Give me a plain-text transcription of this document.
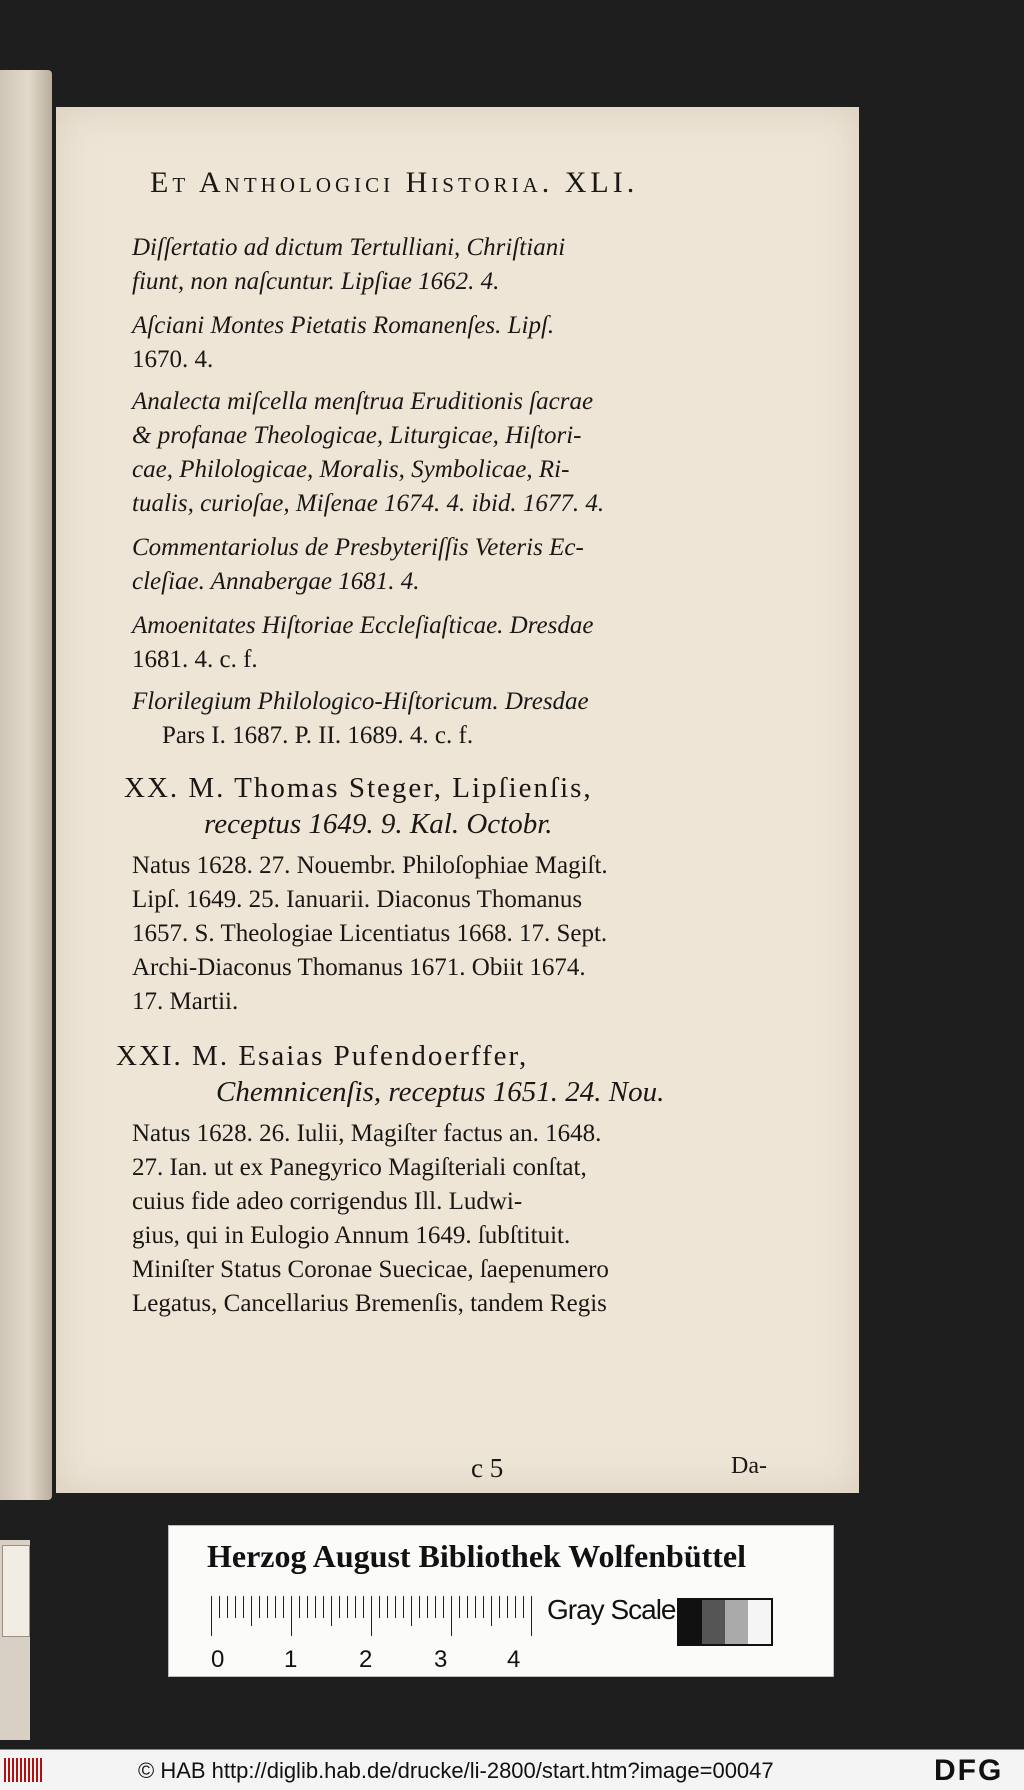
Et Anthologici Historia. XLI.
Diſſertatio ad dictum Tertulliani, Chriſtiani
fiunt, non naſcuntur. Lipſiae 1662. 4.
Aſciani Montes Pietatis Romanenſes. Lipſ.
1670. 4.
Analecta miſcella menſtrua Eruditionis ſacrae
& profanae Theologicae, Liturgicae, Hiſtori-
cae, Philologicae, Moralis, Symbolicae, Ri-
tualis, curioſae, Miſenae 1674. 4. ibid. 1677. 4.
Commentariolus de Presbyteriſſis Veteris Ec-
cleſiae. Annabergae 1681. 4.
Amoenitates Hiſtoriae Eccleſiaſticae. Dresdae
1681. 4. c. f.
Florilegium Philologico-Hiſtoricum. Dresdae
Pars I. 1687. P. II. 1689. 4. c. f.
XX. M. Thomas Steger, Lipſienſis,
receptus 1649. 9. Kal. Octobr.
Natus 1628. 27. Nouembr. Philoſophiae Magiſt.
Lipſ. 1649. 25. Ianuarii. Diaconus Thomanus
1657. S. Theologiae Licentiatus 1668. 17. Sept.
Archi-Diaconus Thomanus 1671. Obiit 1674.
17. Martii.
XXI. M. Esaias Pufendoerffer,
Chemnicenſis, receptus 1651. 24. Nou.
Natus 1628. 26. Iulii, Magiſter factus an. 1648.
27. Ian. ut ex Panegyrico Magiſteriali conſtat,
cuius fide adeo corrigendus Ill. Ludwi-
gius, qui in Eulogio Annum 1649. ſubſtituit.
Miniſter Status Coronae Suecicae, ſaepenumero
Legatus, Cancellarius Bremenſis, tandem Regis
c 5	Da-
Herzog August Bibliothek Wolfenbüttel
0 1	2	3 4
Gray Scale
© HAB http://diglib.hab.de/drucke/li-2800/start.htm?image=00047	DFG
